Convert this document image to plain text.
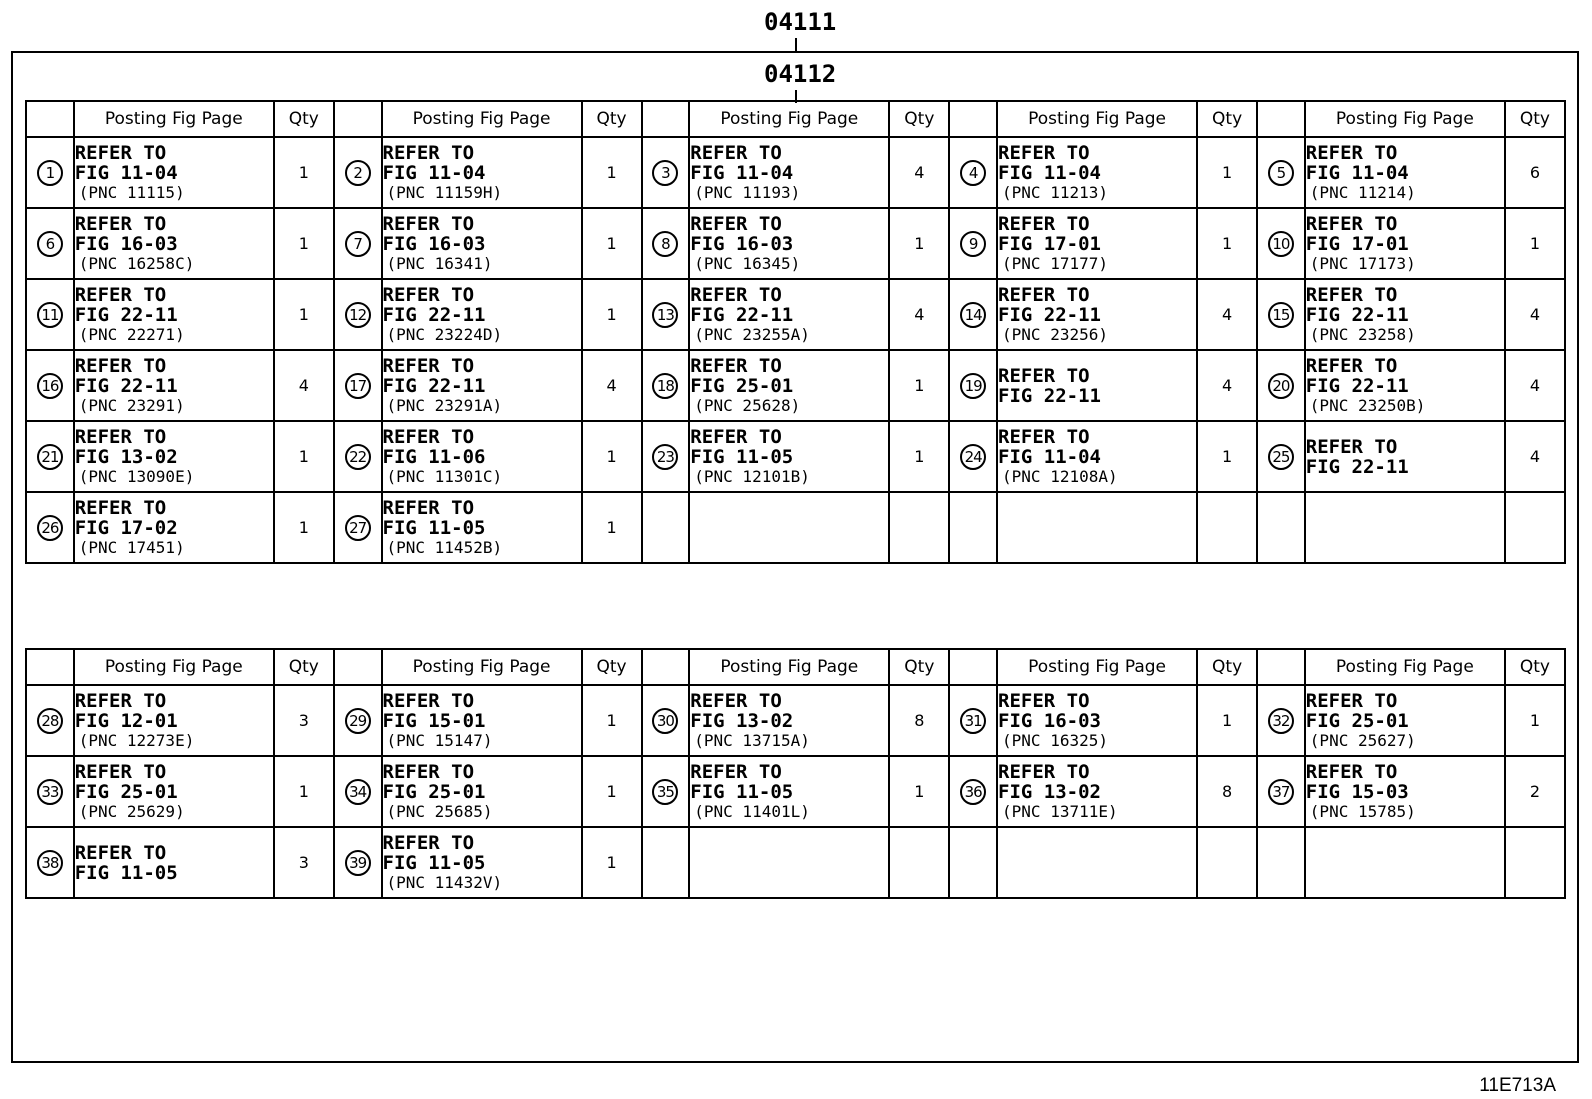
04111
04112
	Posting Fig Page	Qty		Posting Fig Page	Qty		Posting Fig Page	Qty		Posting Fig Page	Qty		Posting Fig Page	Qty
1	REFER TO
FIG 11-04
(PNC 11115)	1	2	REFER TO
FIG 11-04
(PNC 11159H)	1	3	REFER TO
FIG 11-04
(PNC 11193)	4	4	REFER TO
FIG 11-04
(PNC 11213)	1	5	REFER TO
FIG 11-04
(PNC 11214)	6
6	REFER TO
FIG 16-03
(PNC 16258C)	1	7	REFER TO
FIG 16-03
(PNC 16341)	1	8	REFER TO
FIG 16-03
(PNC 16345)	1	9	REFER TO
FIG 17-01
(PNC 17177)	1	10	REFER TO
FIG 17-01
(PNC 17173)	1
11	REFER TO
FIG 22-11
(PNC 22271)	1	12	REFER TO
FIG 22-11
(PNC 23224D)	1	13	REFER TO
FIG 22-11
(PNC 23255A)	4	14	REFER TO
FIG 22-11
(PNC 23256)	4	15	REFER TO
FIG 22-11
(PNC 23258)	4
16	REFER TO
FIG 22-11
(PNC 23291)	4	17	REFER TO
FIG 22-11
(PNC 23291A)	4	18	REFER TO
FIG 25-01
(PNC 25628)	1	19	REFER TO
FIG 22-11	4	20	REFER TO
FIG 22-11
(PNC 23250B)	4
21	REFER TO
FIG 13-02
(PNC 13090E)	1	22	REFER TO
FIG 11-06
(PNC 11301C)	1	23	REFER TO
FIG 11-05
(PNC 12101B)	1	24	REFER TO
FIG 11-04
(PNC 12108A)	1	25	REFER TO
FIG 22-11	4
26	REFER TO
FIG 17-02
(PNC 17451)	1	27	REFER TO
FIG 11-05
(PNC 11452B)	1		

	Posting Fig Page	Qty		Posting Fig Page	Qty		Posting Fig Page	Qty		Posting Fig Page	Qty		Posting Fig Page	Qty
28	REFER TO
FIG 12-01
(PNC 12273E)	3	29	REFER TO
FIG 15-01
(PNC 15147)	1	30	REFER TO
FIG 13-02
(PNC 13715A)	8	31	REFER TO
FIG 16-03
(PNC 16325)	1	32	REFER TO
FIG 25-01
(PNC 25627)	1
33	REFER TO
FIG 25-01
(PNC 25629)	1	34	REFER TO
FIG 25-01
(PNC 25685)	1	35	REFER TO
FIG 11-05
(PNC 11401L)	1	36	REFER TO
FIG 13-02
(PNC 13711E)	8	37	REFER TO
FIG 15-03
(PNC 15785)	2
38	REFER TO
FIG 11-05	3	39	REFER TO
FIG 11-05
(PNC 11432V)	1		

11E713A
